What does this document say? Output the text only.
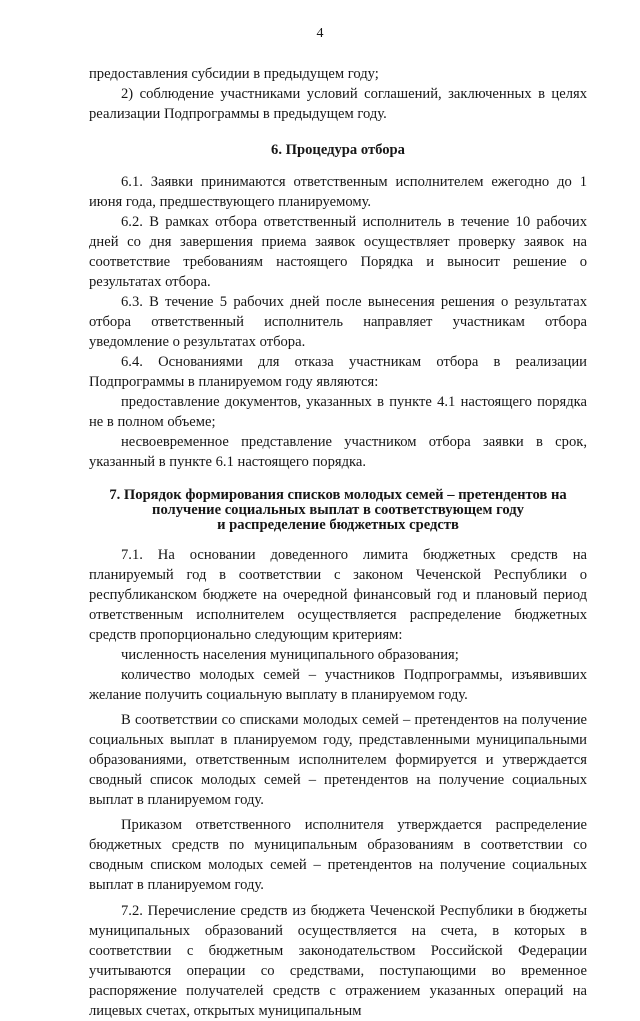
4

предоставления субсидии в предыдущем году;

2) соблюдение участниками условий соглашений, заключенных в целях реализации Подпрограммы в предыдущем году.

6. Процедура отбора

6.1. Заявки принимаются ответственным исполнителем ежегодно до 1 июня года, предшествующего планируемому.

6.2. В рамках отбора ответственный исполнитель в течение 10 рабочих дней со дня завершения приема заявок осуществляет проверку заявок на соответствие требованиям настоящего Порядка и выносит решение о результатах отбора.

6.3. В течение 5 рабочих дней после вынесения решения о результатах отбора ответственный исполнитель направляет участникам отбора уведомление о результатах отбора.

6.4. Основаниями для отказа участникам отбора в реализации Подпрограммы в планируемом году являются:

предоставление документов, указанных в пункте 4.1 настоящего порядка не в полном объеме;

несвоевременное представление участником отбора заявки в срок, указанный в пункте 6.1 настоящего порядка.

7. Порядок формирования списков молодых семей – претендентов на
получение социальных выплат в соответствующем году
и распределение бюджетных средств

7.1. На основании доведенного лимита бюджетных средств на планируемый год в соответствии с законом Чеченской Республики о республиканском бюджете на очередной финансовый год и плановый период ответственным исполнителем осуществляется распределение бюджетных средств пропорционально следующим критериям:

численность населения муниципального образования;

количество молодых семей – участников Подпрограммы, изъявивших желание получить социальную выплату в планируемом году.

В соответствии со списками молодых семей – претендентов на получение социальных выплат в планируемом году, представленными муниципальными образованиями, ответственным исполнителем формируется и утверждается сводный список молодых семей – претендентов на получение социальных выплат в планируемом году.

Приказом ответственного исполнителя утверждается распределение бюджетных средств по муниципальным образованиям в соответствии со сводным списком молодых семей – претендентов на получение социальных выплат в планируемом году.

7.2. Перечисление средств из бюджета Чеченской Республики в бюджеты муниципальных образований осуществляется на счета, в которых в соответствии с бюджетным законодательством Российской Федерации учитываются операции со средствами, поступающими во временное распоряжение получателей средств с отражением указанных операций на лицевых счетах, открытых муниципальным
